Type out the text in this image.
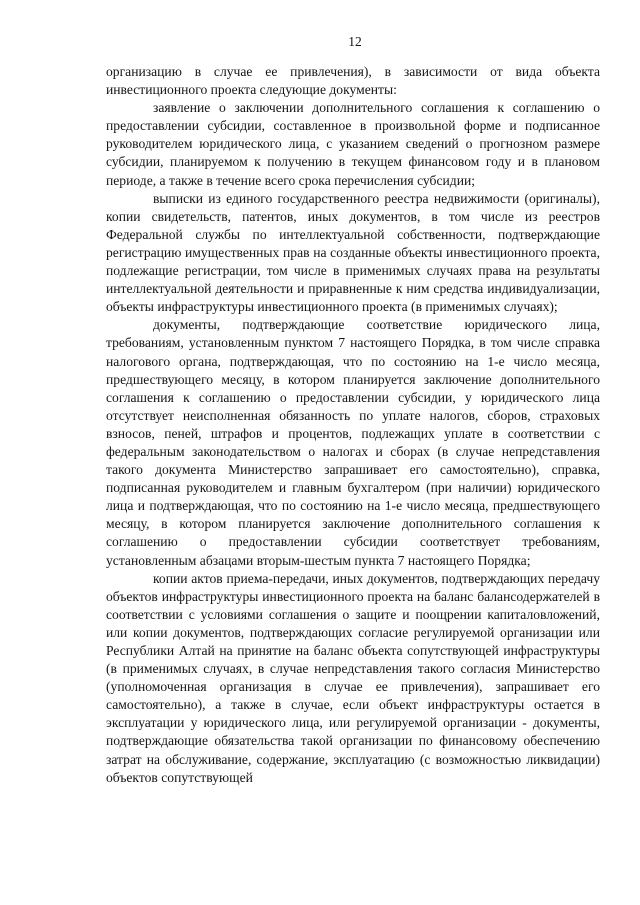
12

организацию в случае ее привлечения), в зависимости от вида объекта инвестиционного проекта следующие документы:

заявление о заключении дополнительного соглашения к соглашению о предоставлении субсидии, составленное в произвольной форме и подписанное руководителем юридического лица, с указанием сведений о прогнозном размере субсидии, планируемом к получению в текущем финансовом году и в плановом периоде, а также в течение всего срока перечисления субсидии;

выписки из единого государственного реестра недвижимости (оригиналы), копии свидетельств, патентов, иных документов, в том числе из реестров Федеральной службы по интеллектуальной собственности, подтверждающие регистрацию имущественных прав на созданные объекты инвестиционного проекта, подлежащие регистрации, том числе в применимых случаях права на результаты интеллектуальной деятельности и приравненные к ним средства индивидуализации, объекты инфраструктуры инвестиционного проекта (в применимых случаях);

документы, подтверждающие соответствие юридического лица, требованиям, установленным пунктом 7 настоящего Порядка, в том числе справка налогового органа, подтверждающая, что по состоянию на 1-е число месяца, предшествующего месяцу, в котором планируется заключение дополнительного соглашения к соглашению о предоставлении субсидии, у юридического лица отсутствует неисполненная обязанность по уплате налогов, сборов, страховых взносов, пеней, штрафов и процентов, подлежащих уплате в соответствии с федеральным законодательством о налогах и сборах (в случае непредставления такого документа Министерство запрашивает его самостоятельно), справка, подписанная руководителем и главным бухгалтером (при наличии) юридического лица и подтверждающая, что по состоянию на 1-е число месяца, предшествующего месяцу, в котором планируется заключение дополнительного соглашения к соглашению о предоставлении субсидии соответствует требованиям, установленным абзацами вторым-шестым пункта 7 настоящего Порядка;

копии актов приема-передачи, иных документов, подтверждающих передачу объектов инфраструктуры инвестиционного проекта на баланс балансодержателей в соответствии с условиями соглашения о защите и поощрении капиталовложений, или копии документов, подтверждающих согласие регулируемой организации или Республики Алтай на принятие на баланс объекта сопутствующей инфраструктуры (в применимых случаях, в случае непредставления такого согласия Министерство (уполномоченная организация в случае ее привлечения), запрашивает его самостоятельно), а также в случае, если объект инфраструктуры остается в эксплуатации у юридического лица, или регулируемой организации - документы, подтверждающие обязательства такой организации по финансовому обеспечению затрат на обслуживание, содержание, эксплуатацию (с возможностью ликвидации) объектов сопутствующей
